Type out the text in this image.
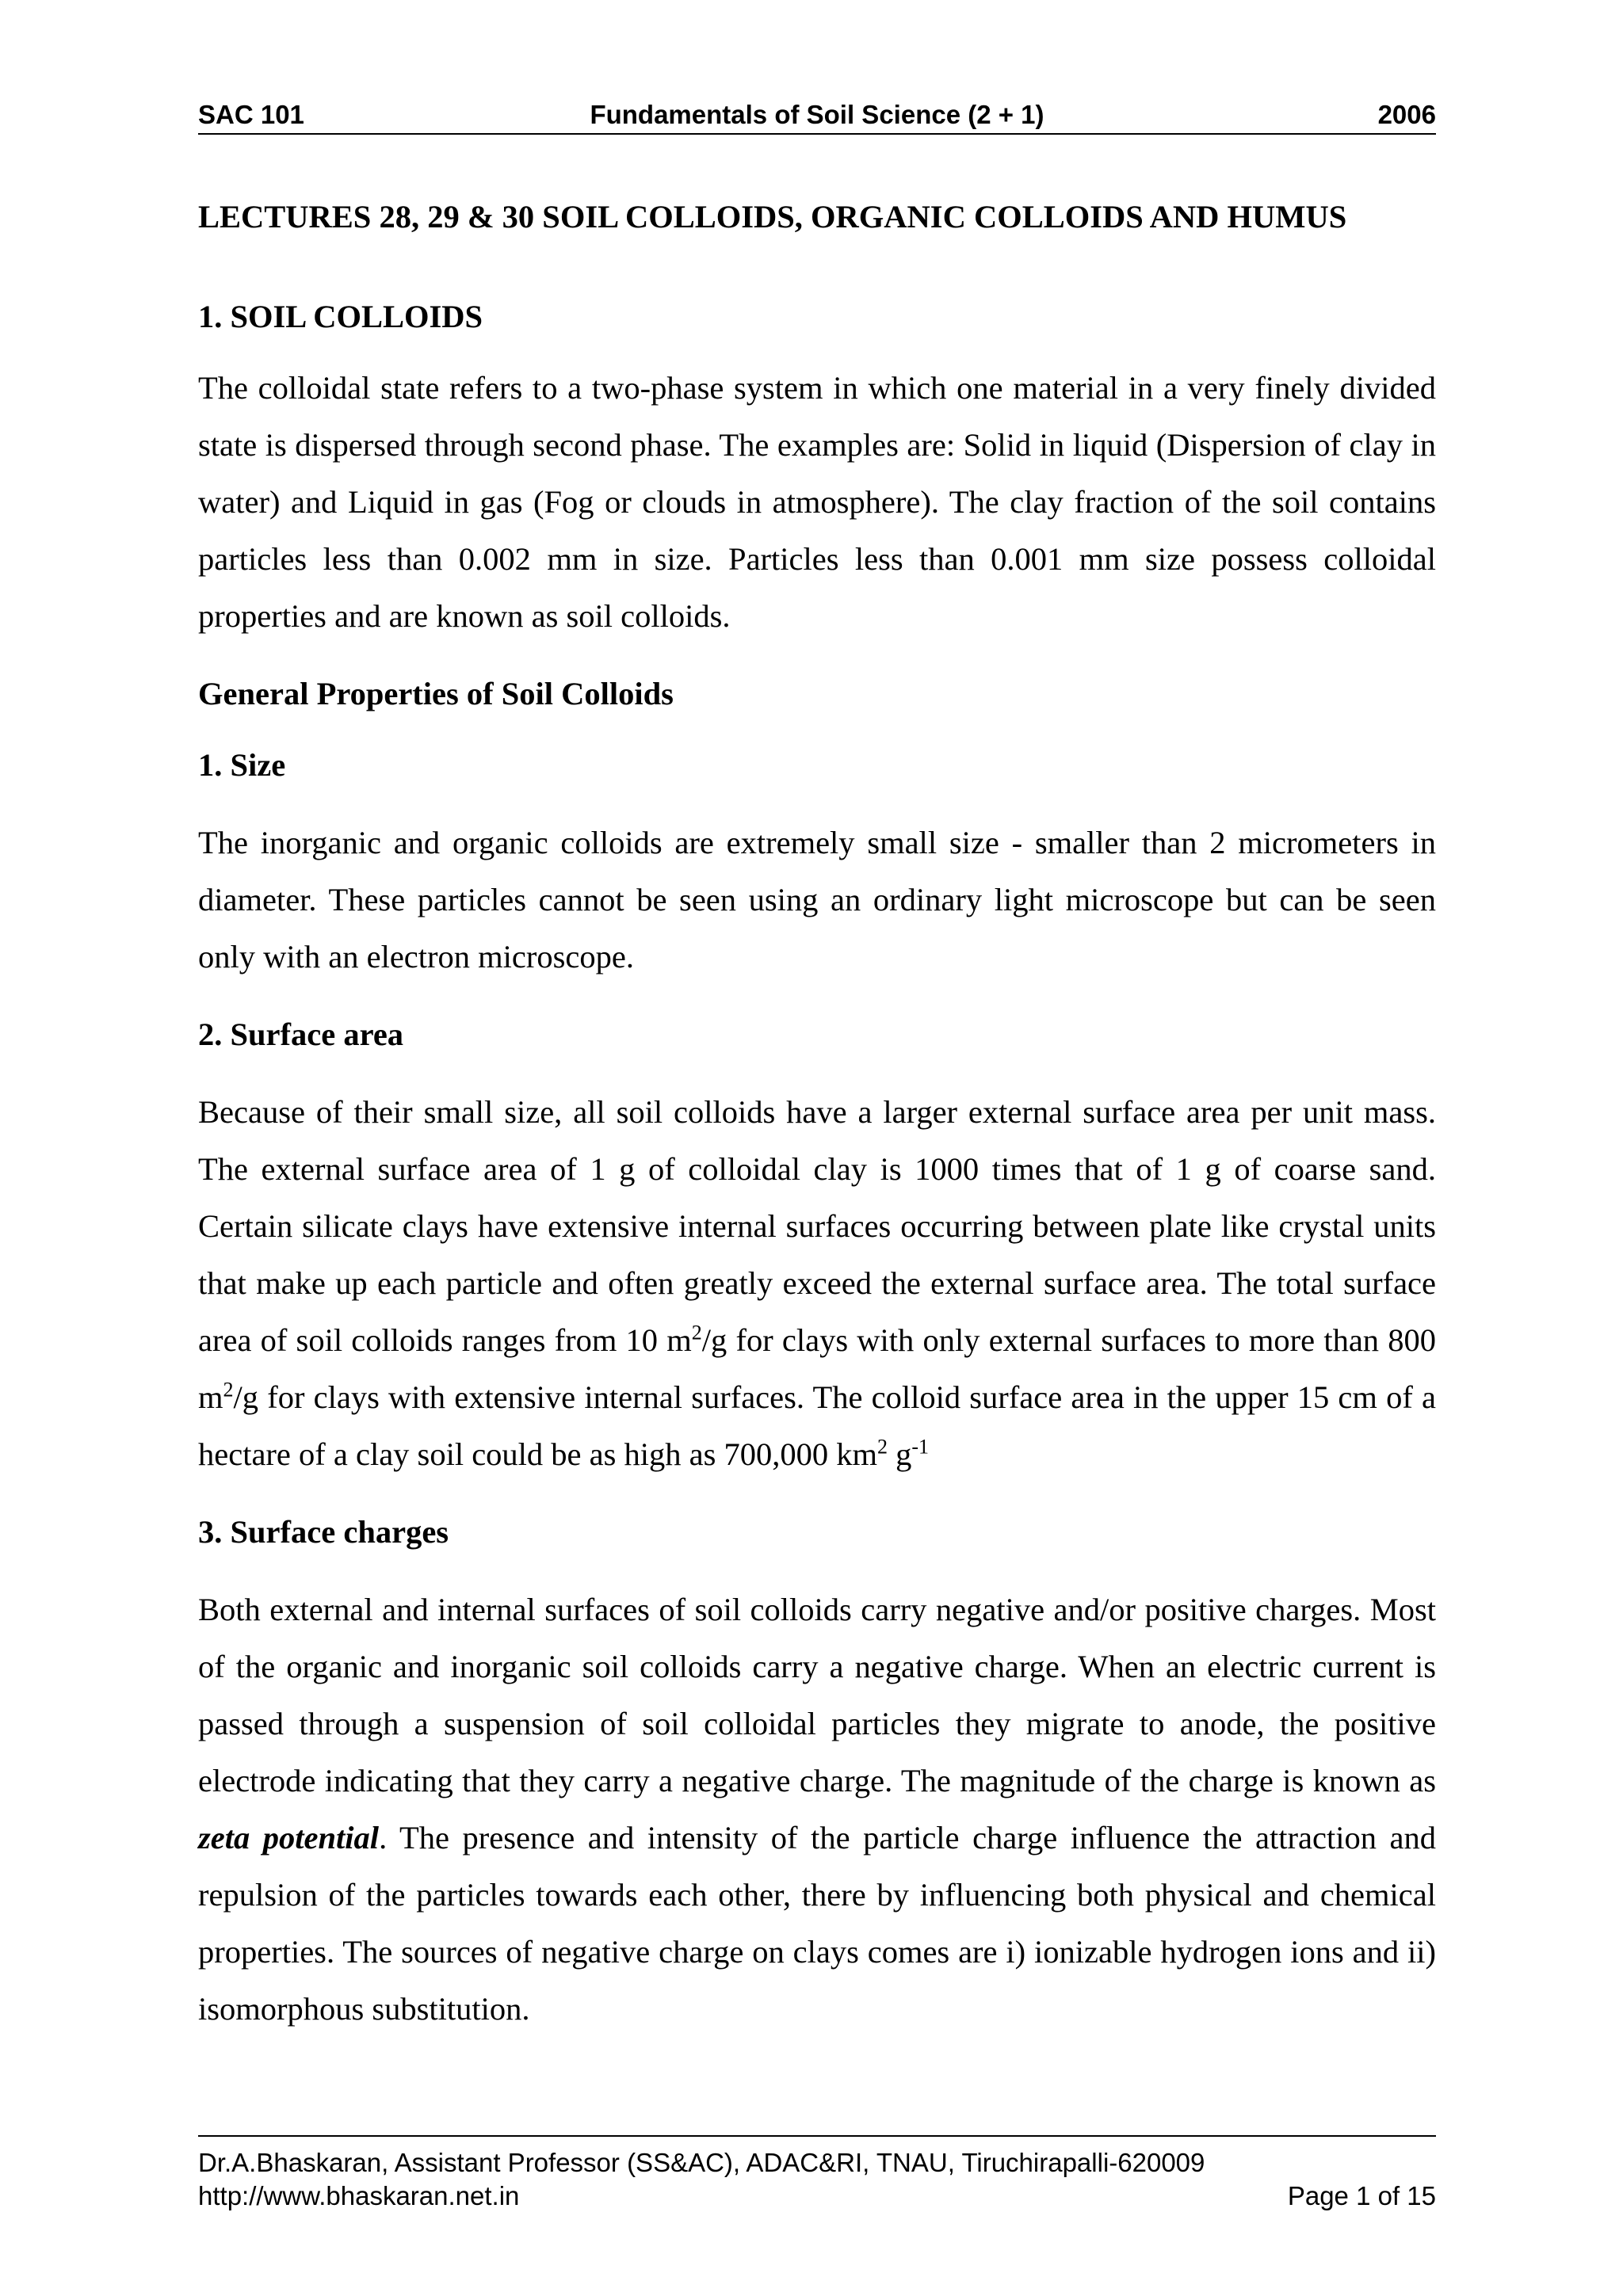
SAC 101	Fundamentals of Soil Science (2 + 1)	2006
LECTURES 28, 29 & 30 SOIL COLLOIDS, ORGANIC COLLOIDS AND HUMUS
1. SOIL COLLOIDS

The colloidal state refers to a two-phase system in which one material in a very finely divided state is dispersed through second phase. The examples are: Solid in liquid (Dispersion of clay in water) and Liquid in gas (Fog or clouds in atmosphere). The clay fraction of the soil contains particles less than 0.002 mm in size. Particles less than 0.001 mm size possess colloidal properties and are known as soil colloids.

General Properties of Soil Colloids
1. Size

The inorganic and organic colloids are extremely small size - smaller than 2 micrometers in diameter. These particles cannot be seen using an ordinary light microscope but can be seen only with an electron microscope.

2. Surface area

Because of their small size, all soil colloids have a larger external surface area per unit mass. The external surface area of 1 g of colloidal clay is 1000 times that of 1 g of coarse sand. Certain silicate clays have extensive internal surfaces occurring between plate like crystal units that make up each particle and often greatly exceed the external surface area. The total surface area of soil colloids ranges from 10 $m^2/g$ for clays with only external surfaces to more than 800 $m^2/g$ for clays with extensive internal surfaces. The colloid surface area in the upper 15 cm of a hectare of a clay soil could be as high as 700,000 $km^2$ $g^{-1}$

3. Surface charges

Both external and internal surfaces of soil colloids carry negative and/or positive charges. Most of the organic and inorganic soil colloids carry a negative charge. When an electric current is passed through a suspension of soil colloidal particles they migrate to anode, the positive electrode indicating that they carry a negative charge. The magnitude of the charge is known as zeta potential. The presence and intensity of the particle charge influence the attraction and repulsion of the particles towards each other, there by influencing both physical and chemical properties. The sources of negative charge on clays comes are i) ionizable hydrogen ions and ii) isomorphous substitution.

Dr.A.Bhaskaran, Assistant Professor (SS&AC), ADAC&RI, TNAU, Tiruchirapalli-620009
http://www.bhaskaran.net.in	Page 1 of 15
